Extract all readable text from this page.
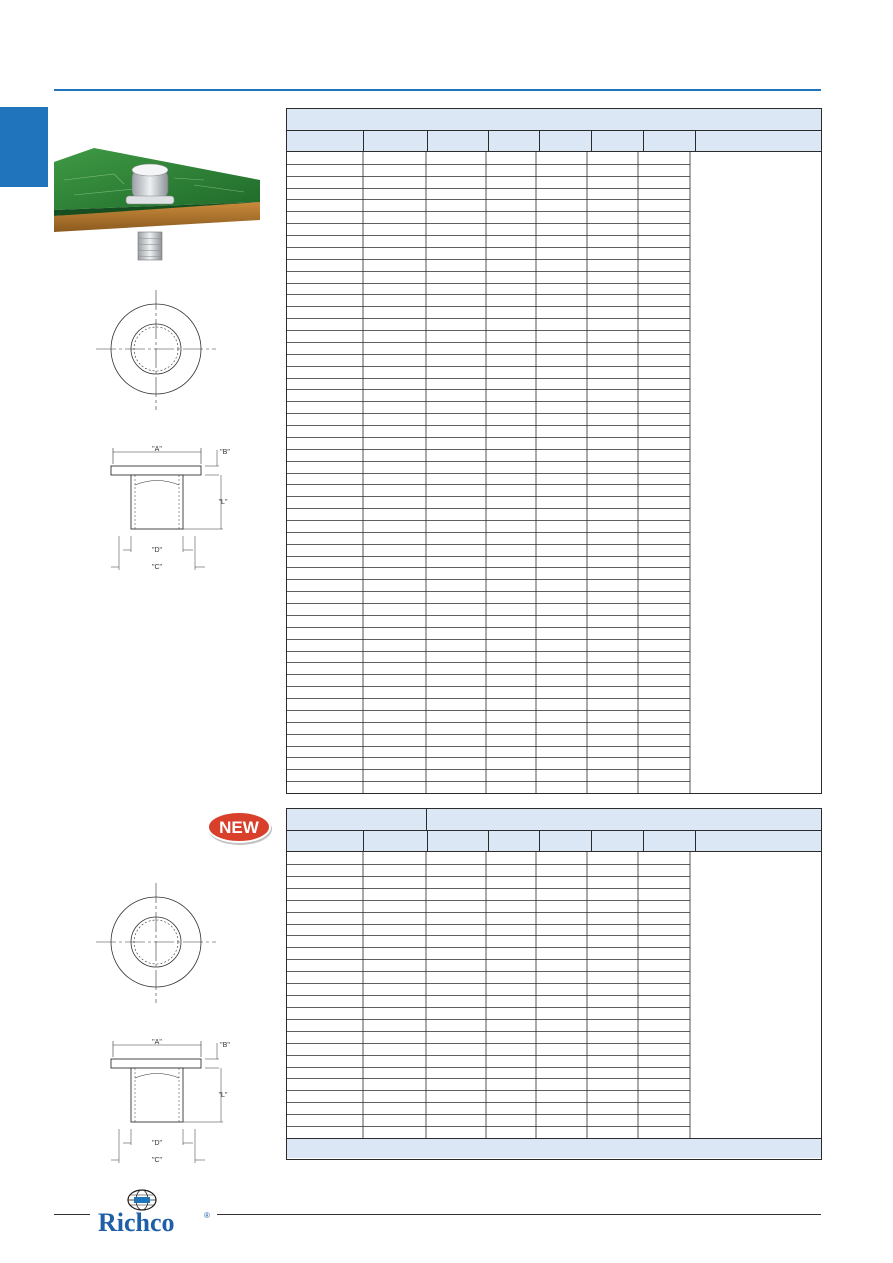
"A"	"B"
"L"
"D"
"C"
NEW
"A"	"B"
"L"
"D"
"C"
Richco	®
